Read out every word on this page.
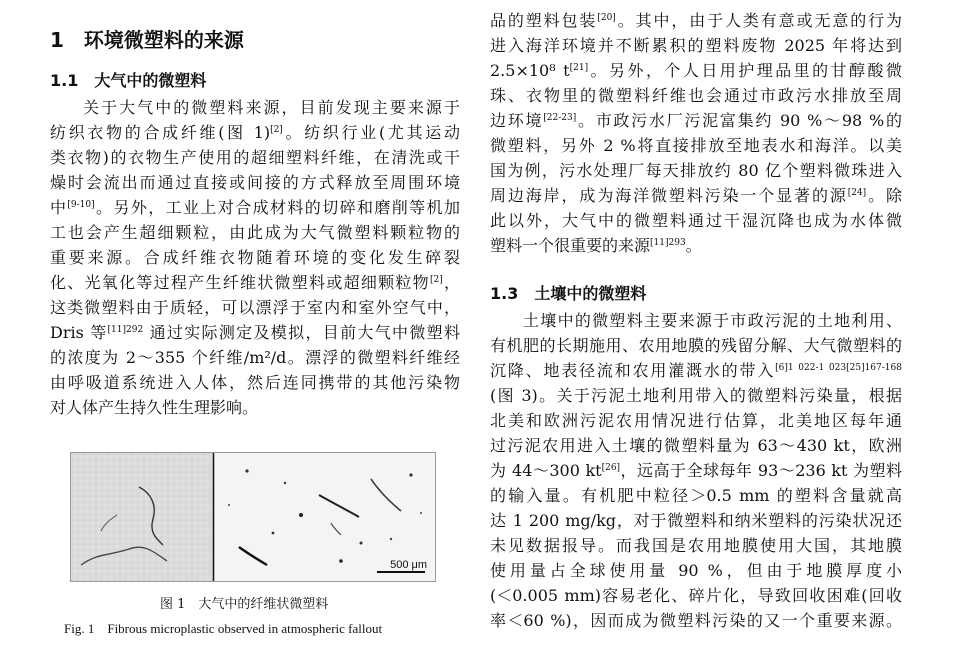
1　环境微塑料的来源
1.1　大气中的微塑料
关于大气中的微塑料来源，目前发现主要来源于
纺织衣物的合成纤维(图 1)[2]。纺织行业(尤其运动
类衣物)的衣物生产使用的超细塑料纤维，在清洗或干
燥时会流出而通过直接或间接的方式释放至周围环境
中[9-10]。另外，工业上对合成材料的切碎和磨削等机加
工也会产生超细颗粒，由此成为大气微塑料颗粒物的
重要来源。合成纤维衣物随着环境的变化发生碎裂
化、光氧化等过程产生纤维状微塑料或超细颗粒物[2]，
这类微塑料由于质轻，可以漂浮于室内和室外空气中，
Dris 等$^{[11]292}$ 通过实际测定及模拟，目前大气中微塑料
的浓度为 2～355 个纤维/m²/d。漂浮的微塑料纤维经
由呼吸道系统进入人体，然后连同携带的其他污染物
对人体产生持久性生理影响。
500 μm
图 1　大气中的纤维状微塑料
Fig. 1　Fibrous microplastic observed in atmospheric fallout
品的塑料包装[20]。其中，由于人类有意或无意的行为
进入海洋环境并不断累积的塑料废物 2025 年将达到
2.5×10⁸ t[21]。另外，个人日用护理品里的甘醇酸微
珠、衣物里的微塑料纤维也会通过市政污水排放至周
边环境[22-23]。市政污水厂污泥富集约 90 %～98 %的
微塑料，另外 2 %将直接排放至地表水和海洋。以美
国为例，污水处理厂每天排放约 80 亿个塑料微珠进入
周边海岸，成为海洋微塑料污染一个显著的源[24]。除
此以外，大气中的微塑料通过干湿沉降也成为水体微
塑料一个很重要的来源$^{[11]293}$。
1.3　土壤中的微塑料
土壤中的微塑料主要来源于市政污泥的土地利用、
有机肥的长期施用、农用地膜的残留分解、大气微塑料的
沉降、地表径流和农用灌溉水的带入$^{[6]1 022-1 023[25]167-168}$
(图 3)。关于污泥土地利用带入的微塑料污染量，根据
北美和欧洲污泥农用情况进行估算，北美地区每年通
过污泥农用进入土壤的微塑料量为 63～430 kt，欧洲
为 44～300 kt[26]，远高于全球每年 93～236 kt 为塑料
的输入量。有机肥中粒径＞0.5 mm 的塑料含量就高
达 1 200 mg/kg，对于微塑料和纳米塑料的污染状况还
未见数据报导。而我国是农用地膜使用大国，其地膜
使用量占全球使用量 90 %，但由于地膜厚度小
(＜0.005 mm)容易老化、碎片化，导致回收困难(回收
率＜60 %)，因而成为微塑料污染的又一个重要来源。
